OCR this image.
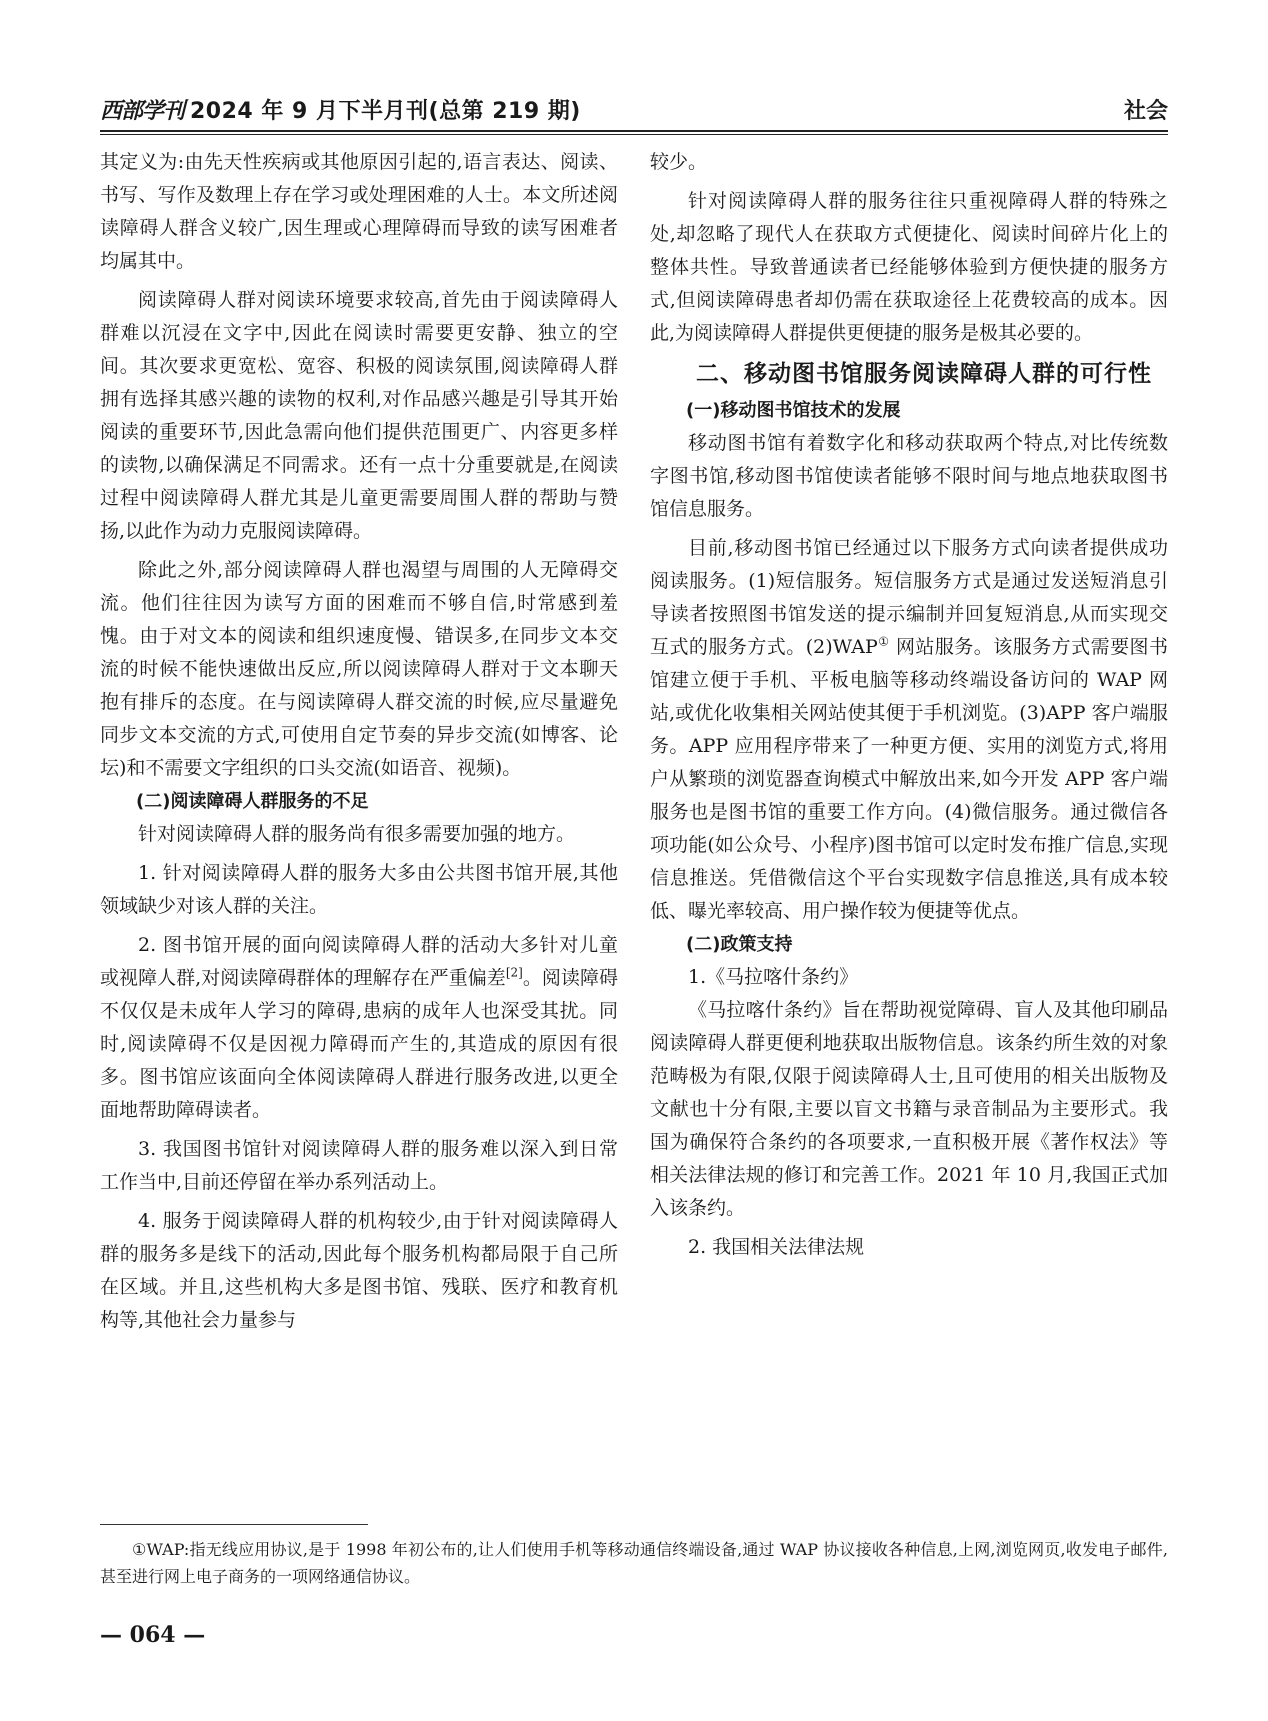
西部学刊 2024 年 9 月下半月刊(总第 219 期)	社会

其定义为:由先天性疾病或其他原因引起的,语言表达、阅读、书写、写作及数理上存在学习或处理困难的人士。本文所述阅读障碍人群含义较广,因生理或心理障碍而导致的读写困难者均属其中。

阅读障碍人群对阅读环境要求较高,首先由于阅读障碍人群难以沉浸在文字中,因此在阅读时需要更安静、独立的空间。其次要求更宽松、宽容、积极的阅读氛围,阅读障碍人群拥有选择其感兴趣的读物的权利,对作品感兴趣是引导其开始阅读的重要环节,因此急需向他们提供范围更广、内容更多样的读物,以确保满足不同需求。还有一点十分重要就是,在阅读过程中阅读障碍人群尤其是儿童更需要周围人群的帮助与赞扬,以此作为动力克服阅读障碍。

除此之外,部分阅读障碍人群也渴望与周围的人无障碍交流。他们往往因为读写方面的困难而不够自信,时常感到羞愧。由于对文本的阅读和组织速度慢、错误多,在同步文本交流的时候不能快速做出反应,所以阅读障碍人群对于文本聊天抱有排斥的态度。在与阅读障碍人群交流的时候,应尽量避免同步文本交流的方式,可使用自定节奏的异步交流(如博客、论坛)和不需要文字组织的口头交流(如语音、视频)。

(二)阅读障碍人群服务的不足

针对阅读障碍人群的服务尚有很多需要加强的地方。

1. 针对阅读障碍人群的服务大多由公共图书馆开展,其他领域缺少对该人群的关注。

2. 图书馆开展的面向阅读障碍人群的活动大多针对儿童或视障人群,对阅读障碍群体的理解存在严重偏差[2]。阅读障碍不仅仅是未成年人学习的障碍,患病的成年人也深受其扰。同时,阅读障碍不仅是因视力障碍而产生的,其造成的原因有很多。图书馆应该面向全体阅读障碍人群进行服务改进,以更全面地帮助障碍读者。

3. 我国图书馆针对阅读障碍人群的服务难以深入到日常工作当中,目前还停留在举办系列活动上。

4. 服务于阅读障碍人群的机构较少,由于针对阅读障碍人群的服务多是线下的活动,因此每个服务机构都局限于自己所在区域。并且,这些机构大多是图书馆、残联、医疗和教育机构等,其他社会力量参与

较少。

针对阅读障碍人群的服务往往只重视障碍人群的特殊之处,却忽略了现代人在获取方式便捷化、阅读时间碎片化上的整体共性。导致普通读者已经能够体验到方便快捷的服务方式,但阅读障碍患者却仍需在获取途径上花费较高的成本。因此,为阅读障碍人群提供更便捷的服务是极其必要的。

二、移动图书馆服务阅读障碍人群的可行性
(一)移动图书馆技术的发展

移动图书馆有着数字化和移动获取两个特点,对比传统数字图书馆,移动图书馆使读者能够不限时间与地点地获取图书馆信息服务。

目前,移动图书馆已经通过以下服务方式向读者提供成功阅读服务。(1)短信服务。短信服务方式是通过发送短消息引导读者按照图书馆发送的提示编制并回复短消息,从而实现交互式的服务方式。(2)WAP① 网站服务。该服务方式需要图书馆建立便于手机、平板电脑等移动终端设备访问的 WAP 网站,或优化收集相关网站使其便于手机浏览。(3)APP 客户端服务。APP 应用程序带来了一种更方便、实用的浏览方式,将用户从繁琐的浏览器查询模式中解放出来,如今开发 APP 客户端服务也是图书馆的重要工作方向。(4)微信服务。通过微信各项功能(如公众号、小程序)图书馆可以定时发布推广信息,实现信息推送。凭借微信这个平台实现数字信息推送,具有成本较低、曝光率较高、用户操作较为便捷等优点。

(二)政策支持

1.《马拉喀什条约》

《马拉喀什条约》旨在帮助视觉障碍、盲人及其他印刷品阅读障碍人群更便利地获取出版物信息。该条约所生效的对象范畴极为有限,仅限于阅读障碍人士,且可使用的相关出版物及文献也十分有限,主要以盲文书籍与录音制品为主要形式。我国为确保符合条约的各项要求,一直积极开展《著作权法》等相关法律法规的修订和完善工作。2021 年 10 月,我国正式加入该条约。

2. 我国相关法律法规

①WAP:指无线应用协议,是于 1998 年初公布的,让人们使用手机等移动通信终端设备,通过 WAP 协议接收各种信息,上网,浏览网页,收发电子邮件,甚至进行网上电子商务的一项网络通信协议。
— 064 —
